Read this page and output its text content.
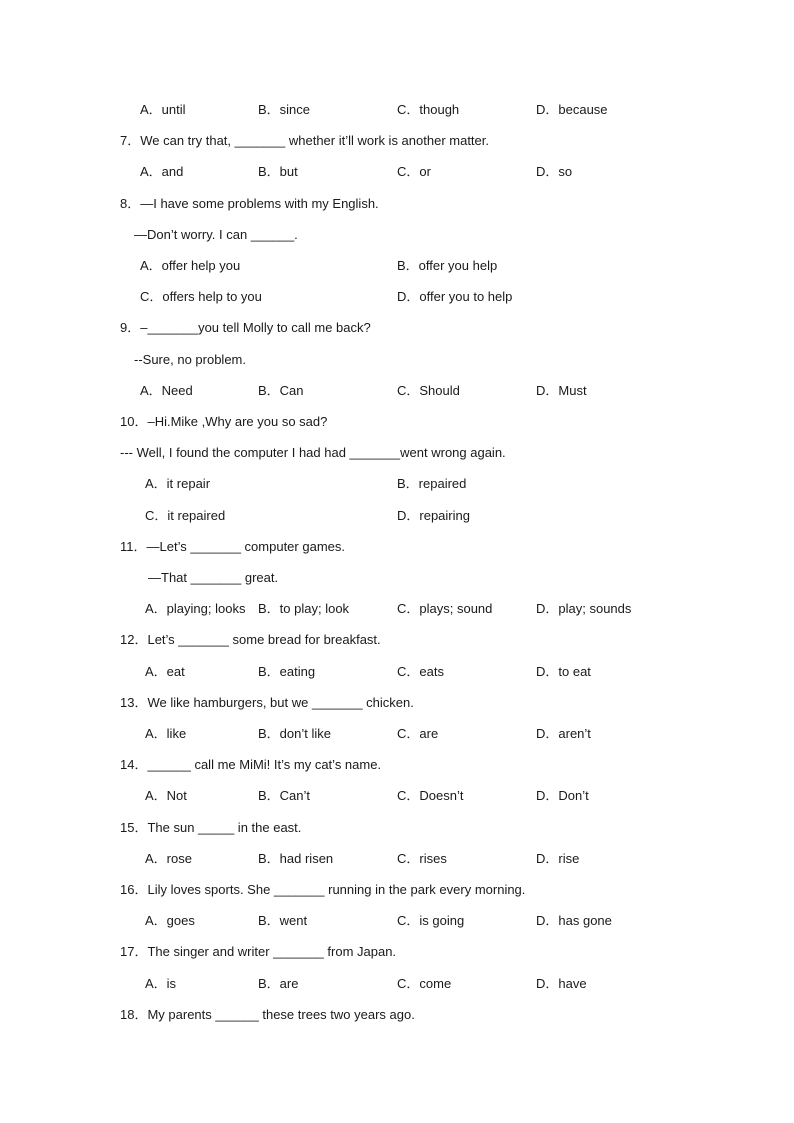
A．until	B．since	C．though	D．because
7．We can try that, _______ whether it’ll work is another matter.
A．and	B．but	C．or	D．so
8．—I have some problems with my English.
—Don’t worry. I can ______.
A．offer help you	B．offer you help
C．offers help to you	D．offer you to help
9．–_______you tell Molly to call me back?
--Sure, no problem.
A．Need	B．Can	C．Should	D．Must
10．–Hi.Mike ,Why are you so sad?
--- Well, I found the computer I had had _______went wrong again.
A．it repair	B．repaired
C．it repaired	D．repairing
11．—Let’s _______ computer games.
—That _______ great.
A．playing; looks B．to play; look	C．plays; sound	D．play; sounds
12．Let’s _______ some bread for breakfast.
A．eat	B．eating	C．eats	D．to eat
13．We like hamburgers, but we _______ chicken.
A．like	B．don’t like	C．are	D．aren’t
14．______ call me MiMi! It’s my cat’s name.
A．Not	B．Can’t	C．Doesn’t	D．Don’t
15．The sun _____ in the east.
A．rose	B．had risen	C．rises	D．rise
16．Lily loves sports. She _______ running in the park every morning.
A．goes	B．went	C．is going	D．has gone
17．The singer and writer _______ from Japan.
A．is	B．are	C．come	D．have
18．My parents ______ these trees two years ago.
